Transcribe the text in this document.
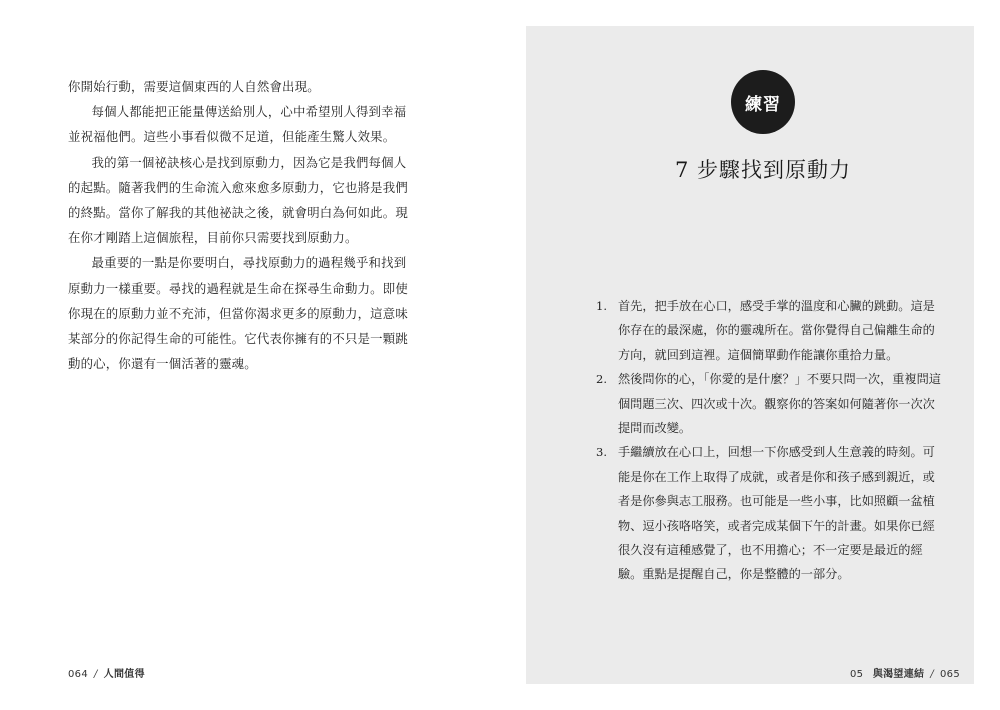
你開始行動，需要這個東西的人自然會出現。

每個人都能把正能量傳送給別人，心中希望別人得到幸福並祝福他們。這些小事看似微不足道，但能產生驚人效果。

我的第一個祕訣核心是找到原動力，因為它是我們每個人的起點。隨著我們的生命流入愈來愈多原動力，它也將是我們的終點。當你了解我的其他祕訣之後，就會明白為何如此。現在你才剛踏上這個旅程，目前你只需要找到原動力。

最重要的一點是你要明白，尋找原動力的過程幾乎和找到原動力一樣重要。尋找的過程就是生命在探尋生命動力。即使你現在的原動力並不充沛，但當你渴求更多的原動力，這意味某部分的你記得生命的可能性。它代表你擁有的不只是一顆跳動的心，你還有一個活著的靈魂。

064 / 人間值得
練習
7 步驟找到原動力
1. 首先，把手放在心口，感受手掌的溫度和心臟的跳動。這是你存在的最深處，你的靈魂所在。當你覺得自己偏離生命的方向，就回到這裡。這個簡單動作能讓你重拾力量。
2. 然後問你的心，「你愛的是什麼？」不要只問一次，重複問這個問題三次、四次或十次。觀察你的答案如何隨著你一次次提問而改變。
3. 手繼續放在心口上，回想一下你感受到人生意義的時刻。可能是你在工作上取得了成就，或者是你和孩子感到親近，或者是你參與志工服務。也可能是一些小事，比如照顧一盆植物、逗小孩咯咯笑，或者完成某個下午的計畫。如果你已經很久沒有這種感覺了，也不用擔心；不一定要是最近的經驗。重點是提醒自己，你是整體的一部分。
05 與渴望連結 / 065
